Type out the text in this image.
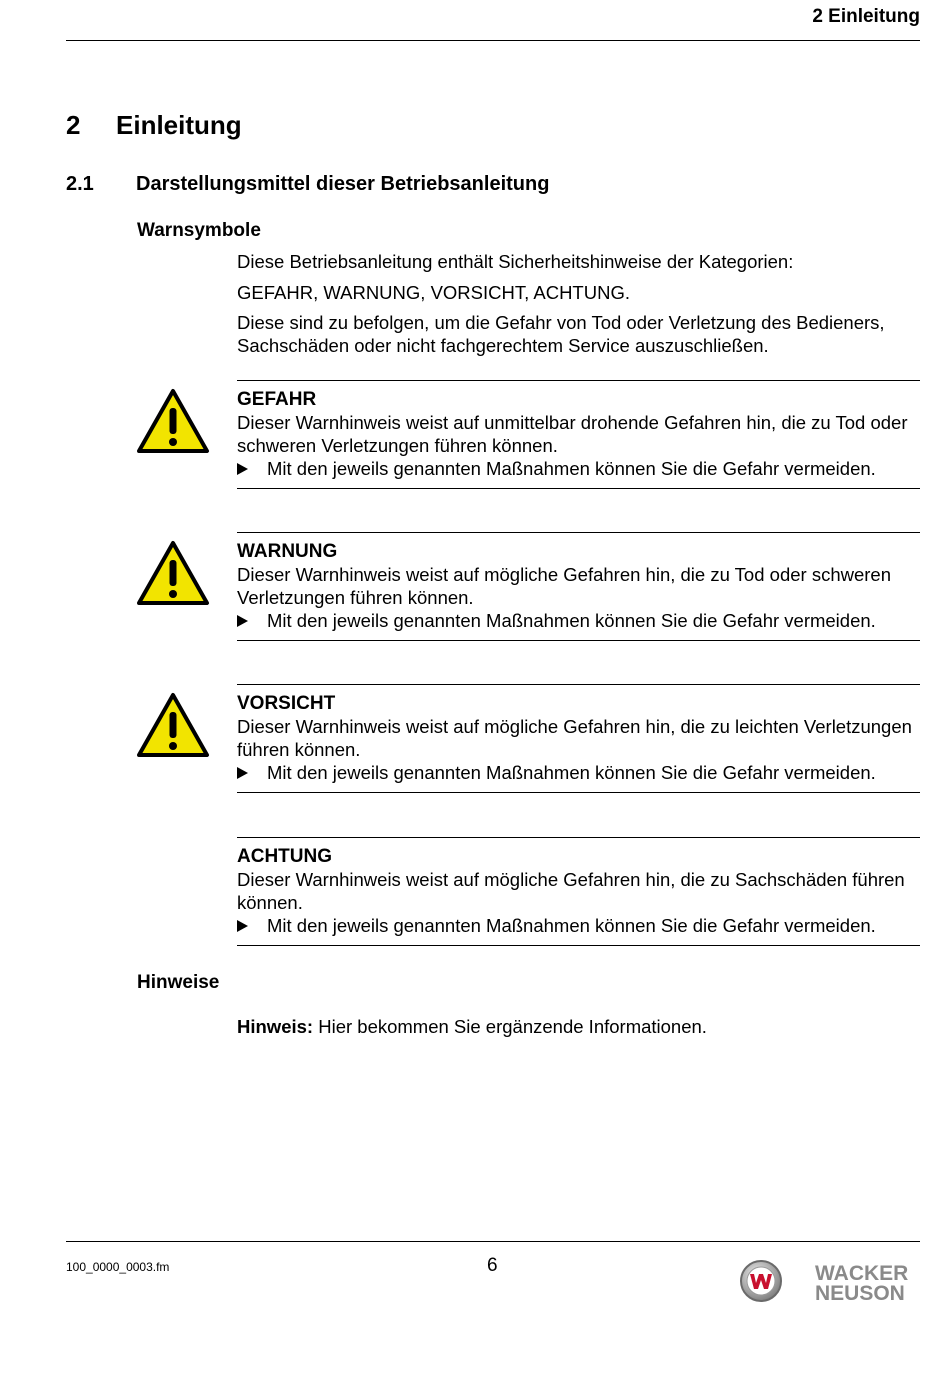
2 Einleitung
2 Einleitung
2.1 Darstellungsmittel dieser Betriebsanleitung
Warnsymbole
Diese Betriebsanleitung enthält Sicherheitshinweise der Kategorien:
GEFAHR, WARNUNG, VORSICHT, ACHTUNG.
Diese sind zu befolgen, um die Gefahr von Tod oder Verletzung des Bedieners, Sachschäden oder nicht fachgerechtem Service auszuschließen.
GEFAHR
Dieser Warnhinweis weist auf unmittelbar drohende Gefahren hin, die zu Tod oder schweren Verletzungen führen können.
Mit den jeweils genannten Maßnahmen können Sie die Gefahr vermeiden.
WARNUNG
Dieser Warnhinweis weist auf mögliche Gefahren hin, die zu Tod oder schweren Verletzungen führen können.
Mit den jeweils genannten Maßnahmen können Sie die Gefahr vermeiden.
VORSICHT
Dieser Warnhinweis weist auf mögliche Gefahren hin, die zu leichten Verletzungen führen können.
Mit den jeweils genannten Maßnahmen können Sie die Gefahr vermeiden.
ACHTUNG
Dieser Warnhinweis weist auf mögliche Gefahren hin, die zu Sachschäden führen können.
Mit den jeweils genannten Maßnahmen können Sie die Gefahr vermeiden.
Hinweise
Hinweis: Hier bekommen Sie ergänzende Informationen.
100_0000_0003.fm	6	WACKER
NEUSON
